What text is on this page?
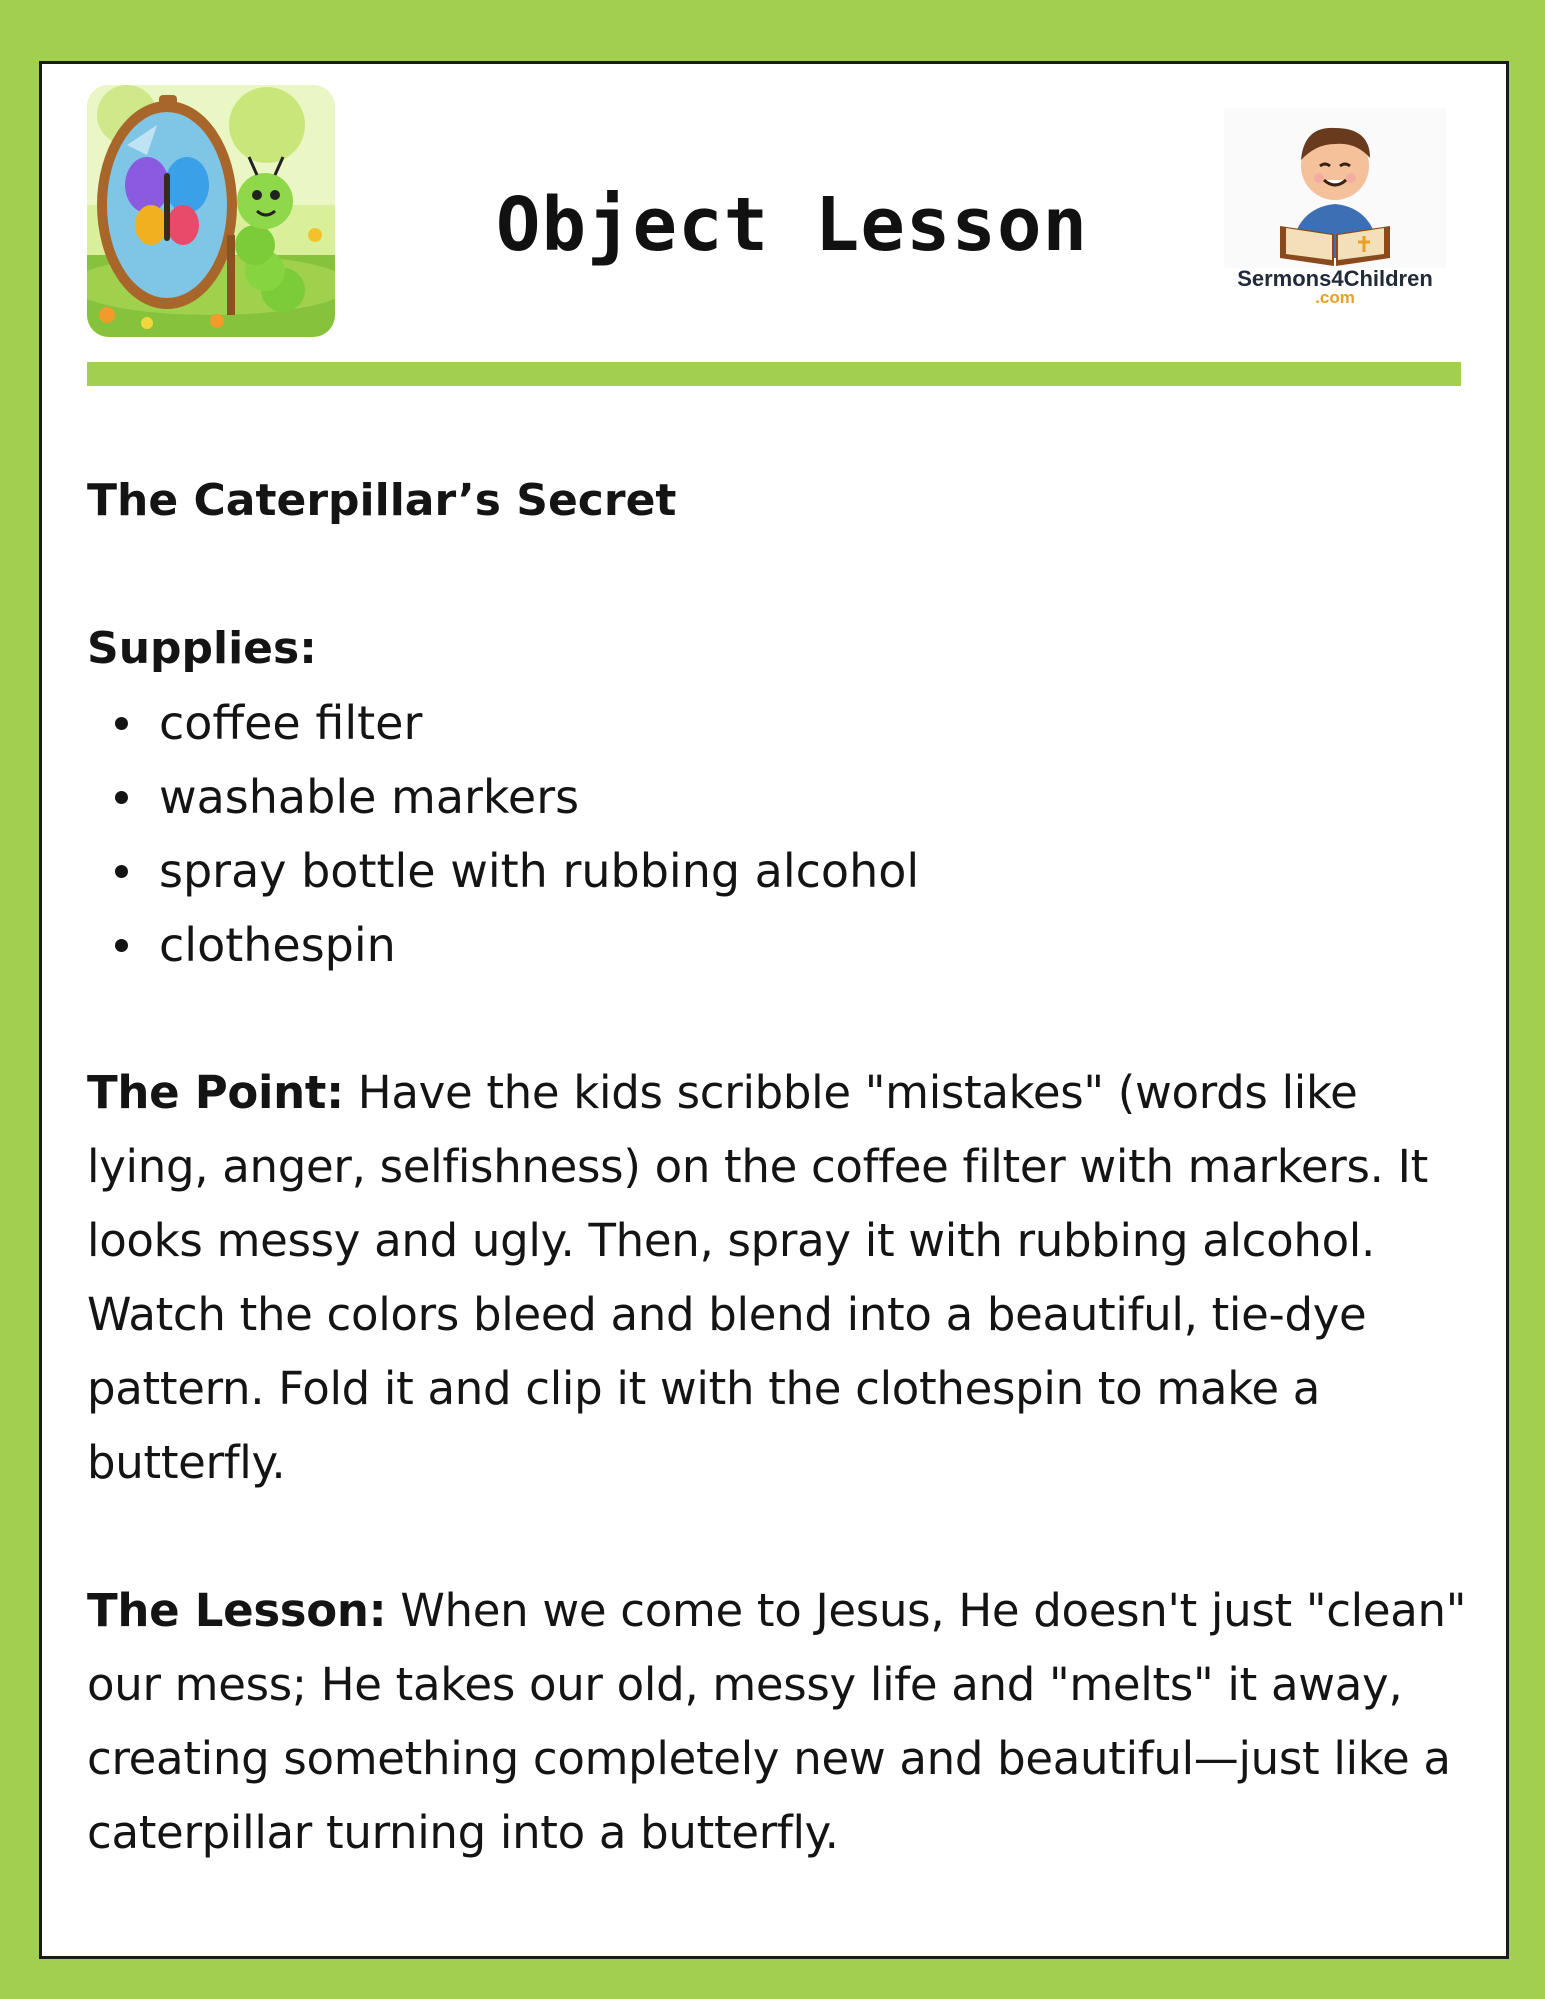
Object Lesson
Sermons4Children
.com

The Caterpillar’s Secret

Supplies:

coffee filter
washable markers
spray bottle with rubbing alcohol
clothespin

The Point: Have the kids scribble "mistakes" (words like lying, anger, selfishness) on the coffee filter with markers. It looks messy and ugly. Then, spray it with rubbing alcohol. Watch the colors bleed and blend into a beautiful, tie-dye pattern. Fold it and clip it with the clothespin to make a butterfly.

The Lesson: When we come to Jesus, He doesn't just "clean" our mess; He takes our old, messy life and "melts" it away, creating something completely new and beautiful—just like a caterpillar turning into a butterfly.
